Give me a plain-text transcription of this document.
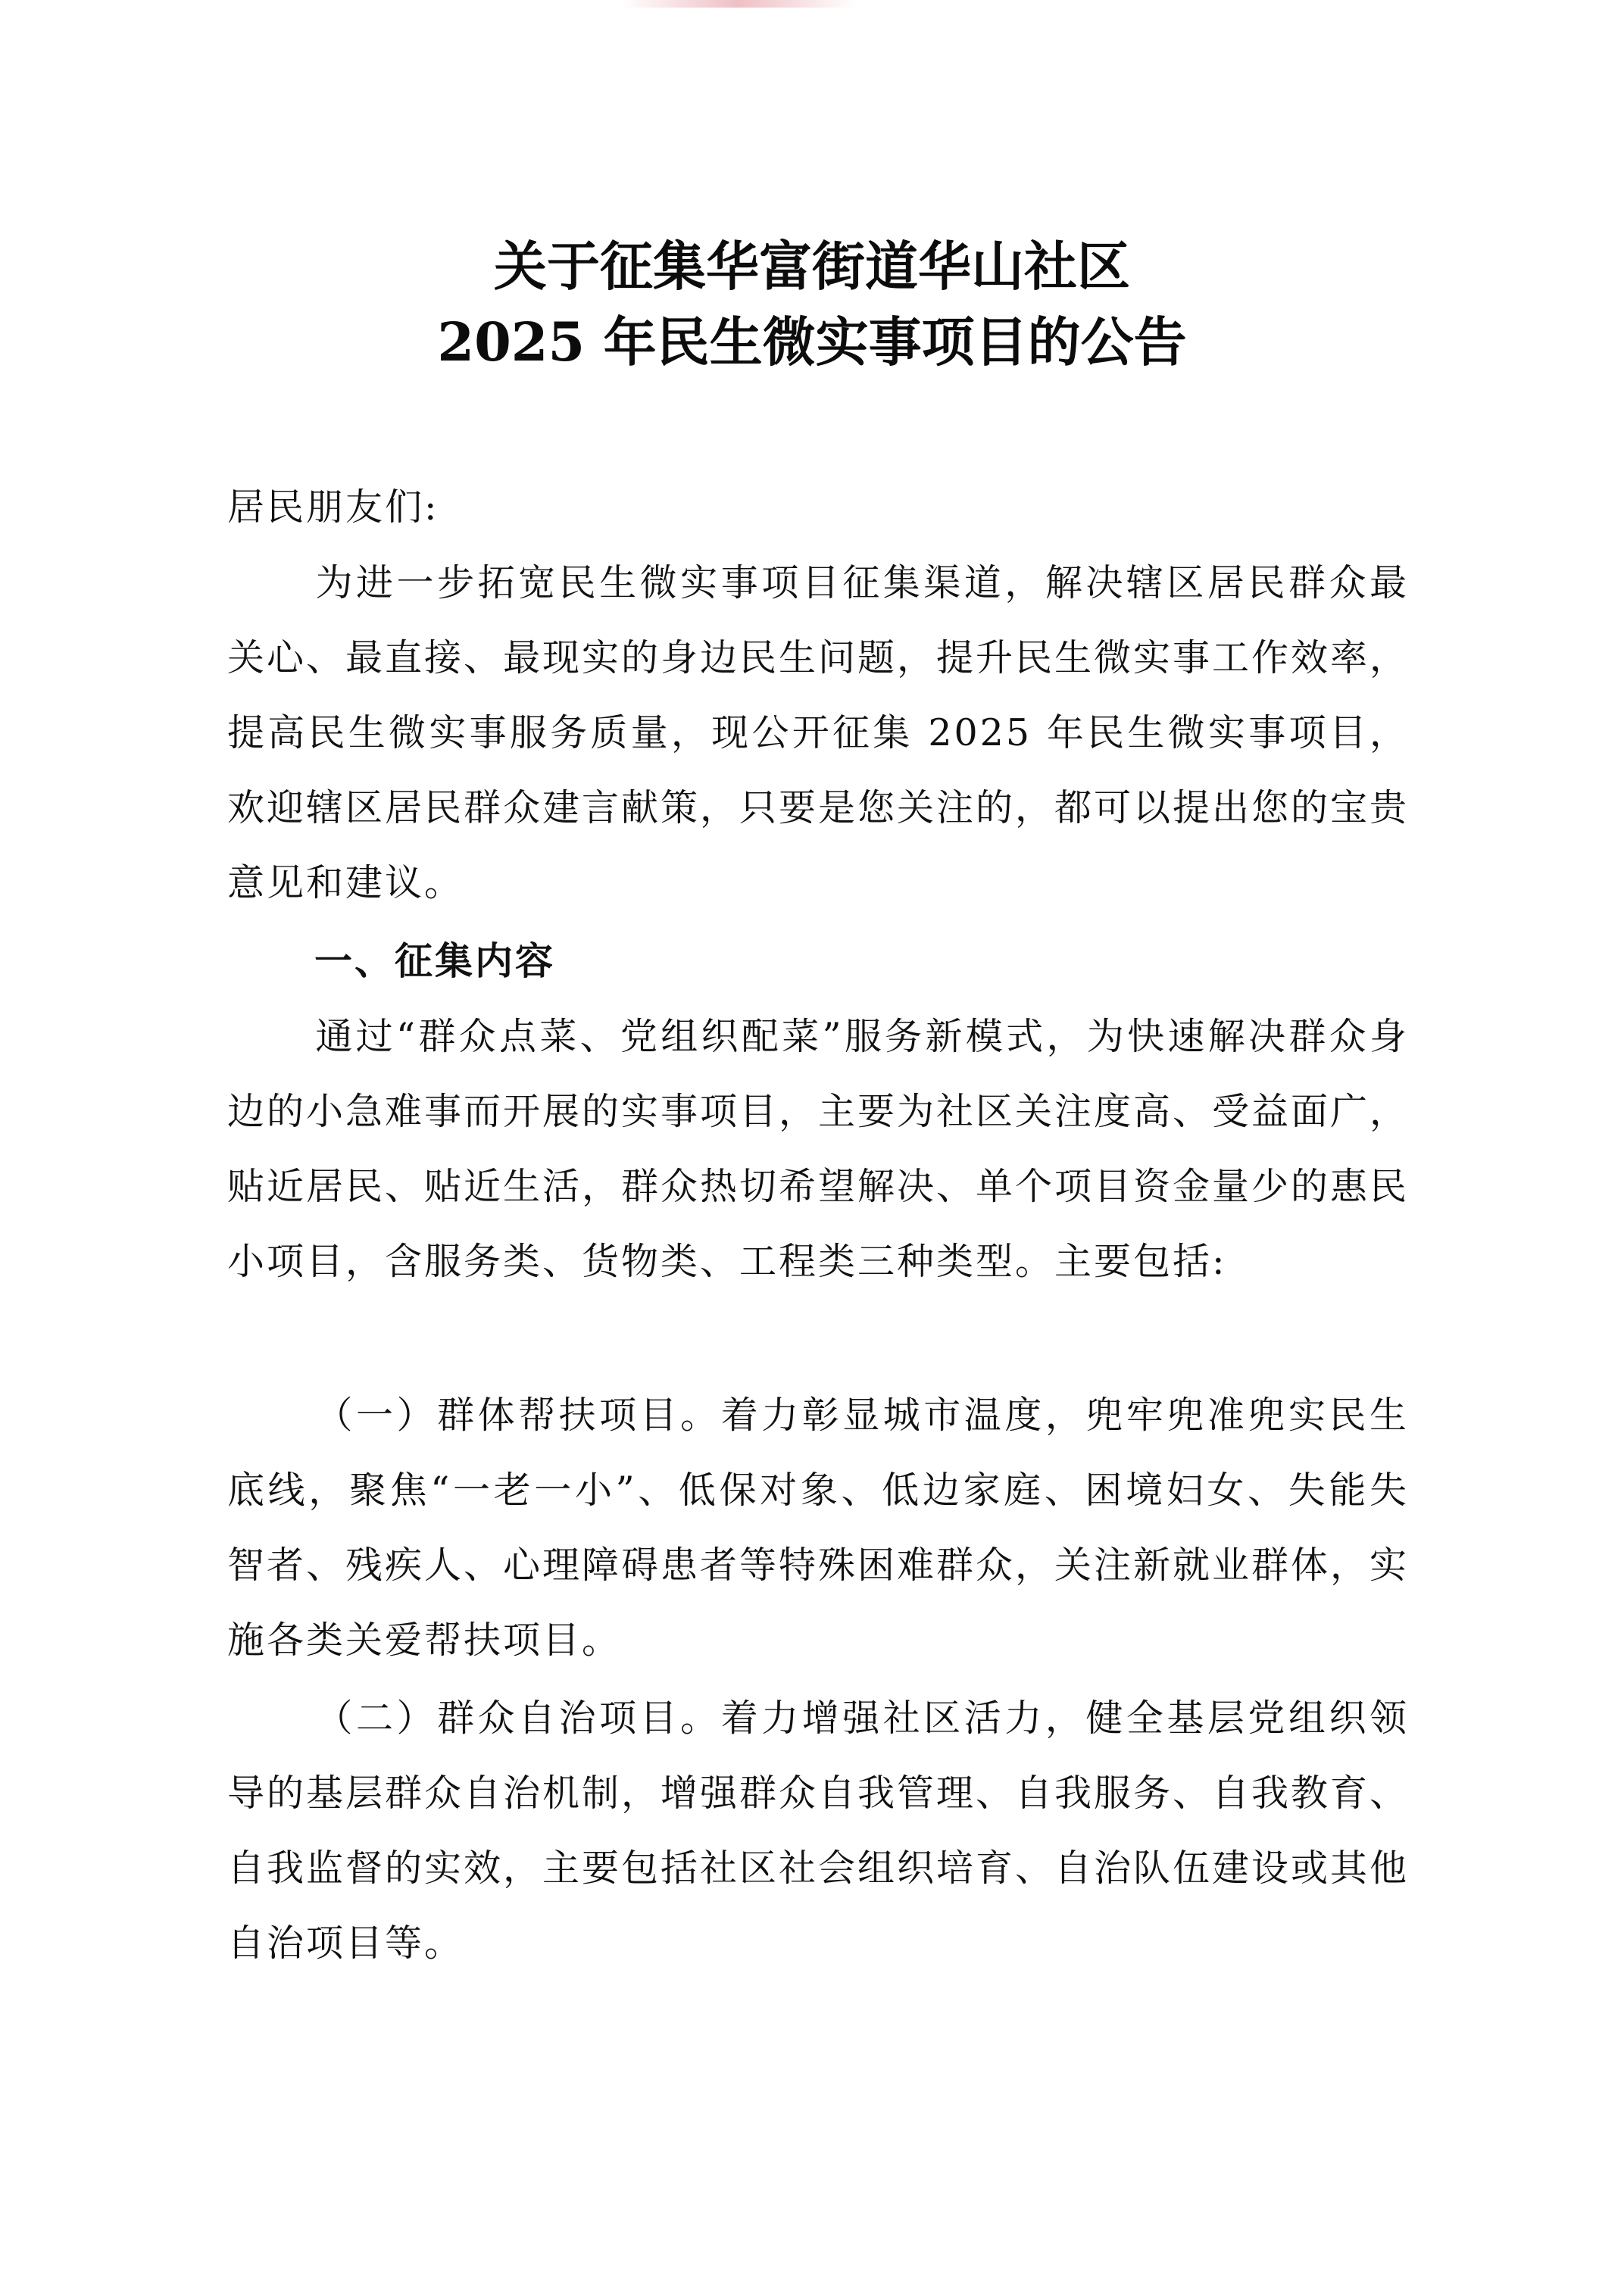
关于征集华富街道华山社区
2025 年民生微实事项目的公告
居民朋友们:
为进一步拓宽民生微实事项目征集渠道，解决辖区居民群众最关心、最直接、最现实的身边民生问题，提升民生微实事工作效率，提高民生微实事服务质量，现公开征集 2025 年民生微实事项目，欢迎辖区居民群众建言献策，只要是您关注的，都可以提出您的宝贵意见和建议。
一、征集内容
通过“群众点菜、党组织配菜”服务新模式，为快速解决群众身边的小急难事而开展的实事项目，主要为社区关注度高、受益面广，贴近居民、贴近生活，群众热切希望解决、单个项目资金量少的惠民小项目，含服务类、货物类、工程类三种类型。主要包括:
（一）群体帮扶项目。着力彰显城市温度，兜牢兜准兜实民生底线，聚焦“一老一小”、低保对象、低边家庭、困境妇女、失能失智者、残疾人、心理障碍患者等特殊困难群众，关注新就业群体，实施各类关爱帮扶项目。
（二）群众自治项目。着力增强社区活力，健全基层党组织领导的基层群众自治机制，增强群众自我管理、自我服务、自我教育、自我监督的实效，主要包括社区社会组织培育、自治队伍建设或其他自治项目等。
